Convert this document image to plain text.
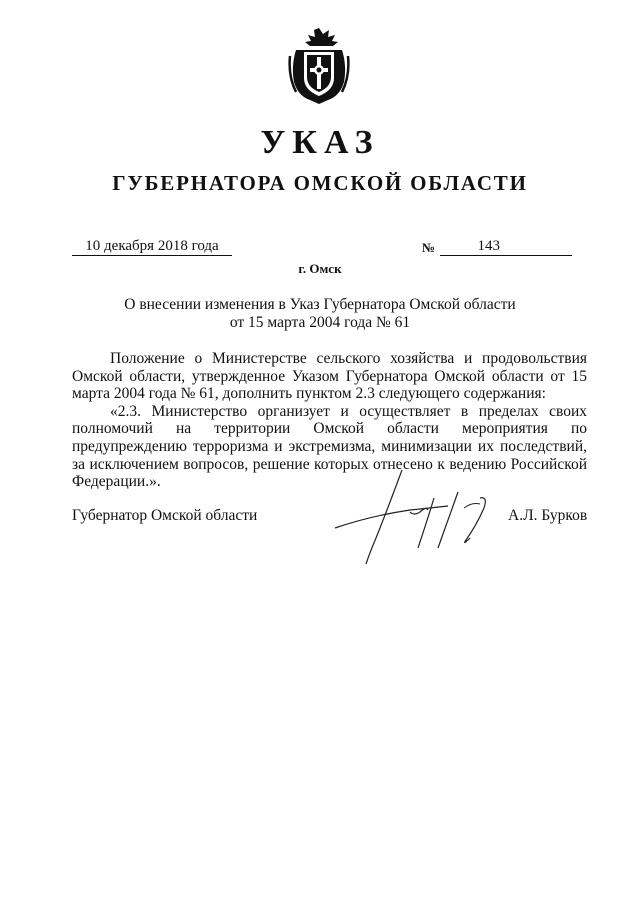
УКАЗ
ГУБЕРНАТОРА ОМСКОЙ ОБЛАСТИ
10 декабря 2018 года	№	143
г. Омск
О внесении изменения в Указ Губернатора Омской области
от 15 марта 2004 года № 61

Положение о Министерстве сельского хозяйства и продовольствия Омской области, утвержденное Указом Губернатора Омской области от 15 марта 2004 года № 61, дополнить пунктом 2.3 следующего содержания:

«2.3. Министерство организует и осуществляет в пределах своих полномочий на территории Омской области мероприятия по предупреждению терроризма и экстремизма, минимизации их последствий, за исключением вопросов, решение которых отнесено к ведению Российской Федерации.».

Губернатор Омской области	А.Л. Бурков
